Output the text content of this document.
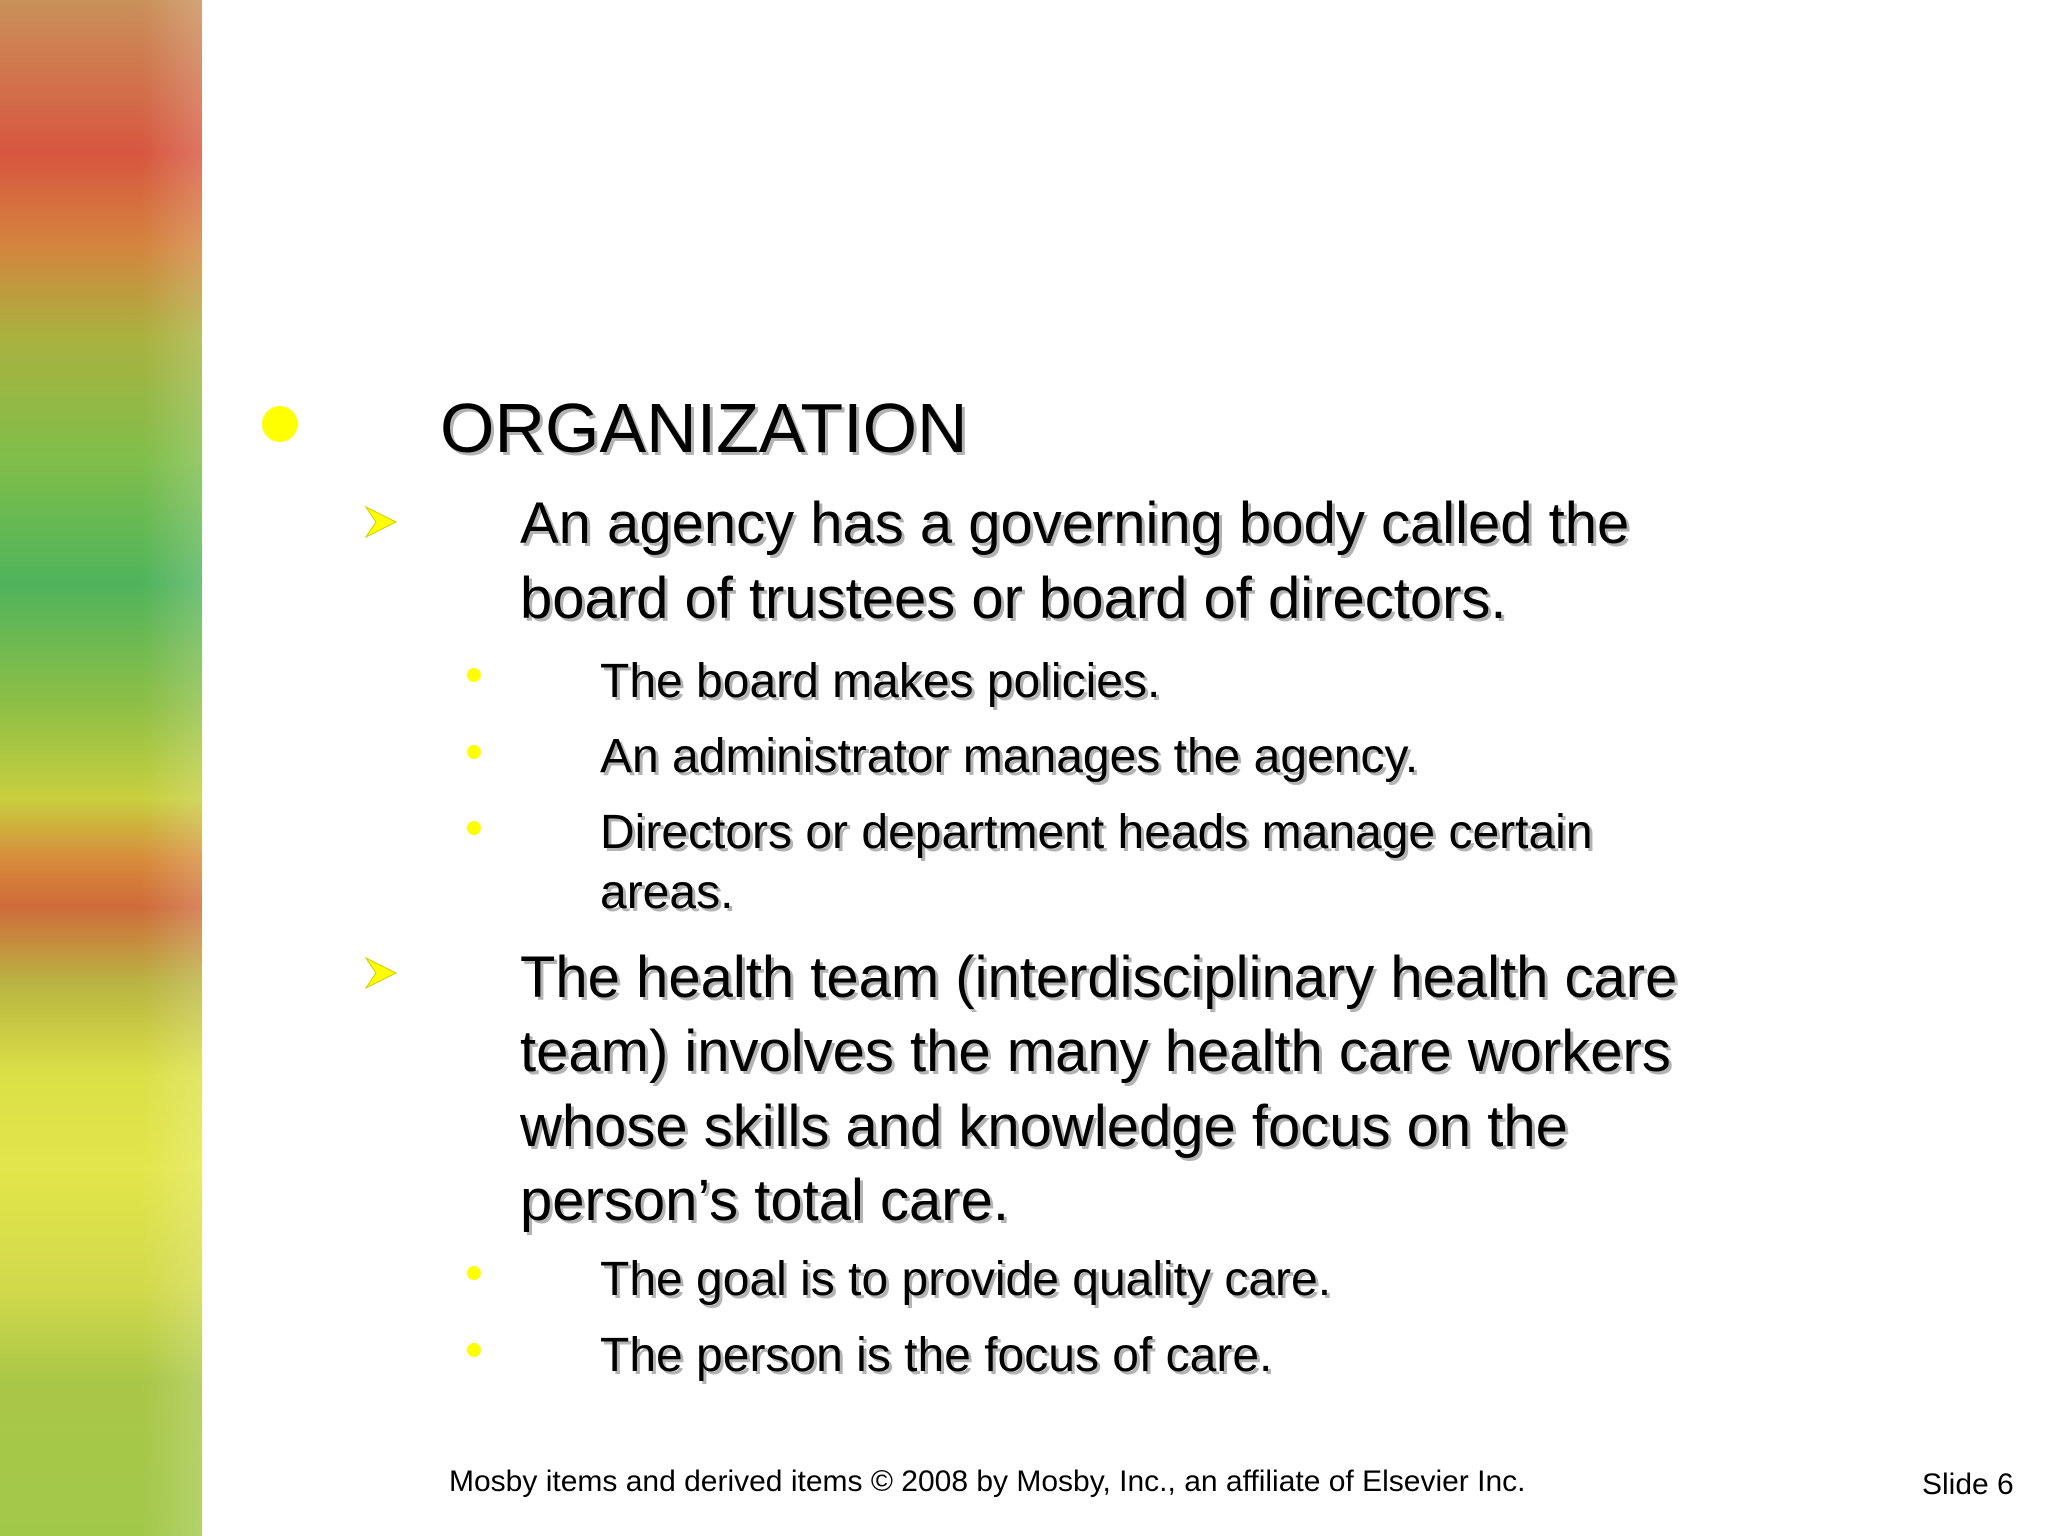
ORGANIZATION
An agency has a governing body called the
board of trustees or board of directors.
The board makes policies.
An administrator manages the agency.
Directors or department heads manage certain
areas.
The health team (interdisciplinary health care
team) involves the many health care workers
whose skills and knowledge focus on the
person’s total care.
The goal is to provide quality care.
The person is the focus of care.
Mosby items and derived items © 2008 by Mosby, Inc., an affiliate of Elsevier Inc.	Slide 6
